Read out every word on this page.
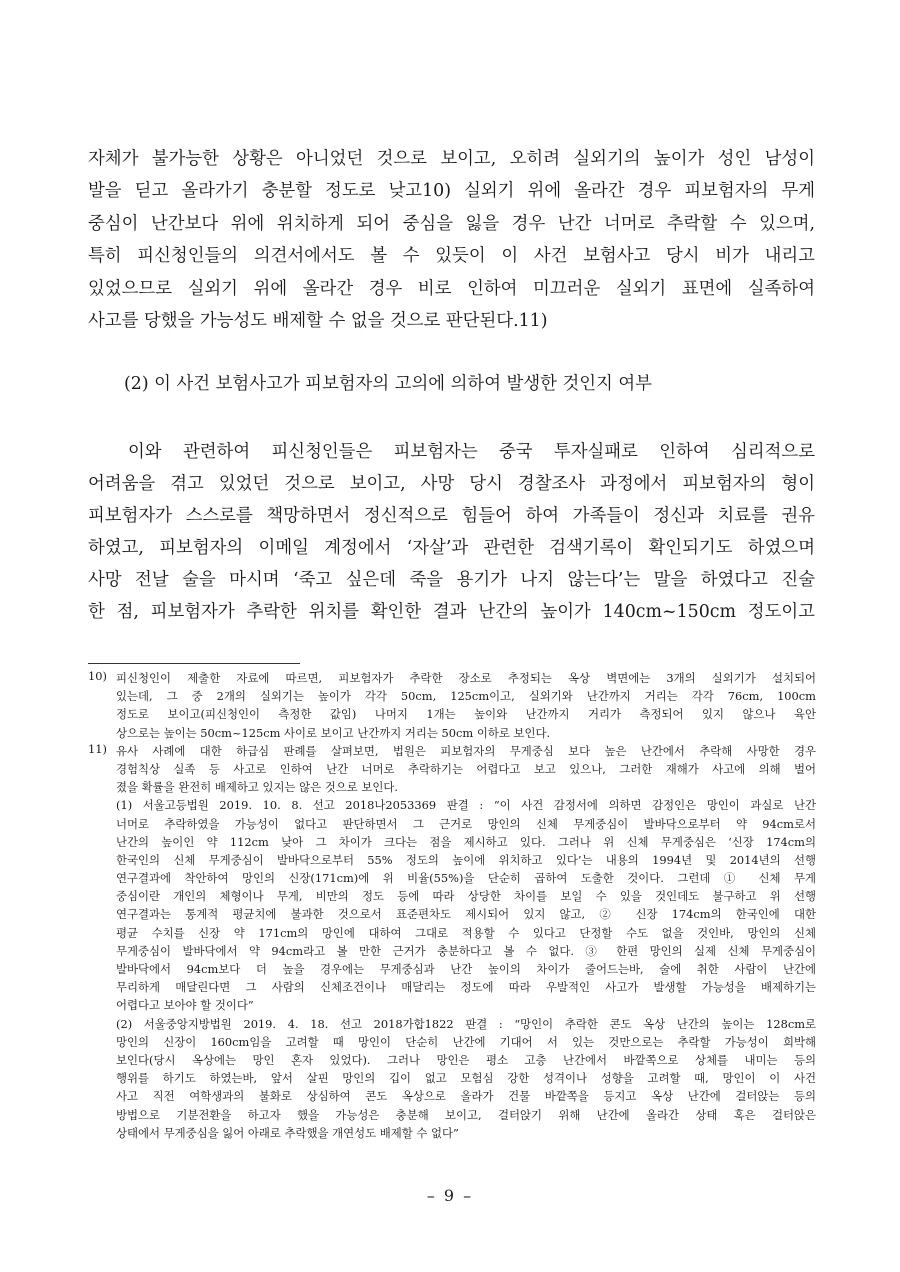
자체가 불가능한 상황은 아니었던 것으로 보이고, 오히려 실외기의 높이가 성인 남성이
발을 딛고 올라가기 충분할 정도로 낮고10) 실외기 위에 올라간 경우 피보험자의 무게
중심이 난간보다 위에 위치하게 되어 중심을 잃을 경우 난간 너머로 추락할 수 있으며,
특히 피신청인들의 의견서에서도 볼 수 있듯이 이 사건 보험사고 당시 비가 내리고
있었으므로 실외기 위에 올라간 경우 비로 인하여 미끄러운 실외기 표면에 실족하여
사고를 당했을 가능성도 배제할 수 없을 것으로 판단된다.11)
(2) 이 사건 보험사고가 피보험자의 고의에 의하여 발생한 것인지 여부
이와 관련하여 피신청인들은 피보험자는 중국 투자실패로 인하여 심리적으로
어려움을 겪고 있었던 것으로 보이고, 사망 당시 경찰조사 과정에서 피보험자의 형이
피보험자가 스스로를 책망하면서 정신적으로 힘들어 하여 가족들이 정신과 치료를 권유
하였고, 피보험자의 이메일 계정에서 ‘자살’과 관련한 검색기록이 확인되기도 하였으며
사망 전날 술을 마시며 ‘죽고 싶은데 죽을 용기가 나지 않는다’는 말을 하였다고 진술
한 점, 피보험자가 추락한 위치를 확인한 결과 난간의 높이가 140cm~150cm 정도이고
10) 피신청인이 제출한 자료에 따르면, 피보험자가 추락한 장소로 추정되는 옥상 벽면에는 3개의 실외기가 설치되어
있는데, 그 중 2개의 실외기는 높이가 각각 50cm, 125cm이고, 실외기와 난간까지 거리는 각각 76cm, 100cm
정도로 보이고(피신청인이 측정한 값임) 나머지 1개는 높이와 난간까지 거리가 측정되어 있지 않으나 육안
상으로는 높이는 50cm~125cm 사이로 보이고 난간까지 거리는 50cm 이하로 보인다.
11) 유사 사례에 대한 하급심 판례를 살펴보면, 법원은 피보험자의 무게중심 보다 높은 난간에서 추락해 사망한 경우
경험칙상 실족 등 사고로 인하여 난간 너머로 추락하기는 어렵다고 보고 있으나, 그러한 재해가 사고에 의해 벌어
졌을 확률을 완전히 배제하고 있지는 않은 것으로 보인다.
(1) 서울고등법원 2019. 10. 8. 선고 2018나2053369 판결 : “이 사건 감정서에 의하면 감정인은 망인이 과실로 난간
너머로 추락하였을 가능성이 없다고 판단하면서 그 근거로 망인의 신체 무게중심이 발바닥으로부터 약 94cm로서
난간의 높이인 약 112cm 낮아 그 차이가 크다는 점을 제시하고 있다. 그러나 위 신체 무게중심은 ‘신장 174cm의
한국인의 신체 무게중심이 발바닥으로부터 55% 정도의 높이에 위치하고 있다’는 내용의 1994년 및 2014년의 선행
연구결과에 착안하여 망인의 신장(171cm)에 위 비율(55%)을 단순히 곱하여 도출한 것이다. 그런데 ① 신체 무게
중심이란 개인의 체형이나 무게, 비만의 정도 등에 따라 상당한 차이를 보일 수 있을 것인데도 불구하고 위 선행
연구결과는 통계적 평균치에 불과한 것으로서 표준편차도 제시되어 있지 않고, ② 신장 174cm의 한국인에 대한
평균 수치를 신장 약 171cm의 망인에 대하여 그대로 적용할 수 있다고 단정할 수도 없을 것인바, 망인의 신체
무게중심이 발바닥에서 약 94cm라고 볼 만한 근거가 충분하다고 볼 수 없다. ③ 한편 망인의 실제 신체 무게중심이
발바닥에서 94cm보다 더 높을 경우에는 무게중심과 난간 높이의 차이가 줄어드는바, 술에 취한 사람이 난간에
무리하게 매달린다면 그 사람의 신체조건이나 매달리는 정도에 따라 우발적인 사고가 발생할 가능성을 배제하기는
어렵다고 보아야 할 것이다”
(2) 서울중앙지방법원 2019. 4. 18. 선고 2018가합1822 판결 : “망인이 추락한 콘도 옥상 난간의 높이는 128cm로
망인의 신장이 160cm임을 고려할 때 망인이 단순히 난간에 기대어 서 있는 것만으로는 추락할 가능성이 희박해
보인다(당시 옥상에는 망인 혼자 있었다). 그러나 망인은 평소 고층 난간에서 바깥쪽으로 상체를 내미는 등의
행위를 하기도 하였는바, 앞서 살핀 망인의 깁이 없고 모험심 강한 성격이나 성향을 고려할 때, 망인이 이 사건
사고 직전 여학생과의 불화로 상심하여 콘도 옥상으로 올라가 건물 바깥쪽을 등지고 옥상 난간에 걸터앉는 등의
방법으로 기분전환을 하고자 했을 가능성은 충분해 보이고, 걸터앉기 위해 난간에 올라간 상태 혹은 걸터앉은
상태에서 무게중심을 잃어 아래로 추락했을 개연성도 배제할 수 없다”
– 9 –
